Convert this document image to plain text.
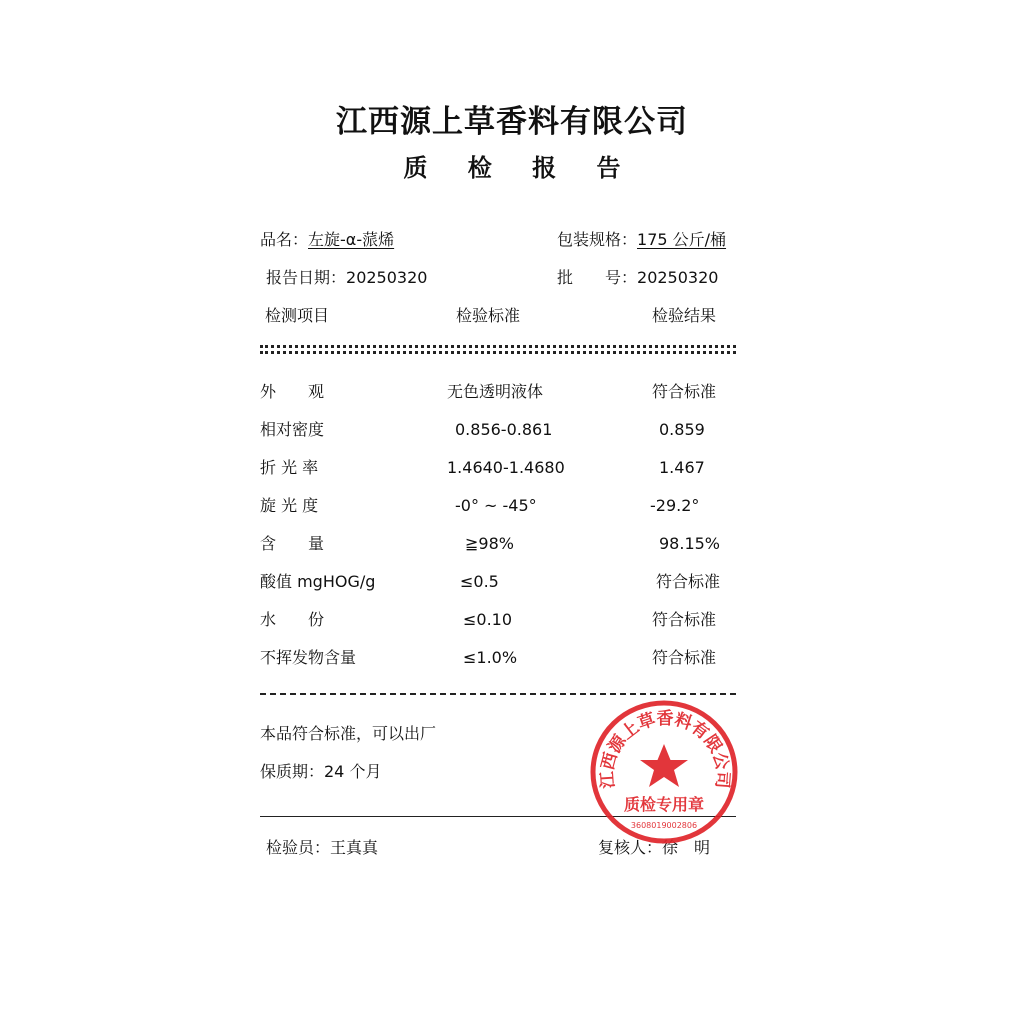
江西源上草香料有限公司
质 检 报 告
品名：左旋-α-蒎烯	包装规格：175 公斤/桶
报告日期：20250320	批　　号：20250320
检测项目	检验标准	检验结果
外　　观	无色透明液体	符合标准
相对密度	0.856-0.861	0.859
折 光 率	1.4640-1.4680	1.467
旋 光 度	-0° ~ -45°	-29.2°
含　　量	≧98%	98.15%
酸值 mgHOG/g	≤0.5	符合标准
水　　份	≤0.10	符合标准
不挥发物含量	≤1.0%	符合标准
本品符合标准，可以出厂
保质期：24 个月
检验员：王真真	复核人：徐　明
江西源上草香料有限公司
质检专用章
3608019002806
